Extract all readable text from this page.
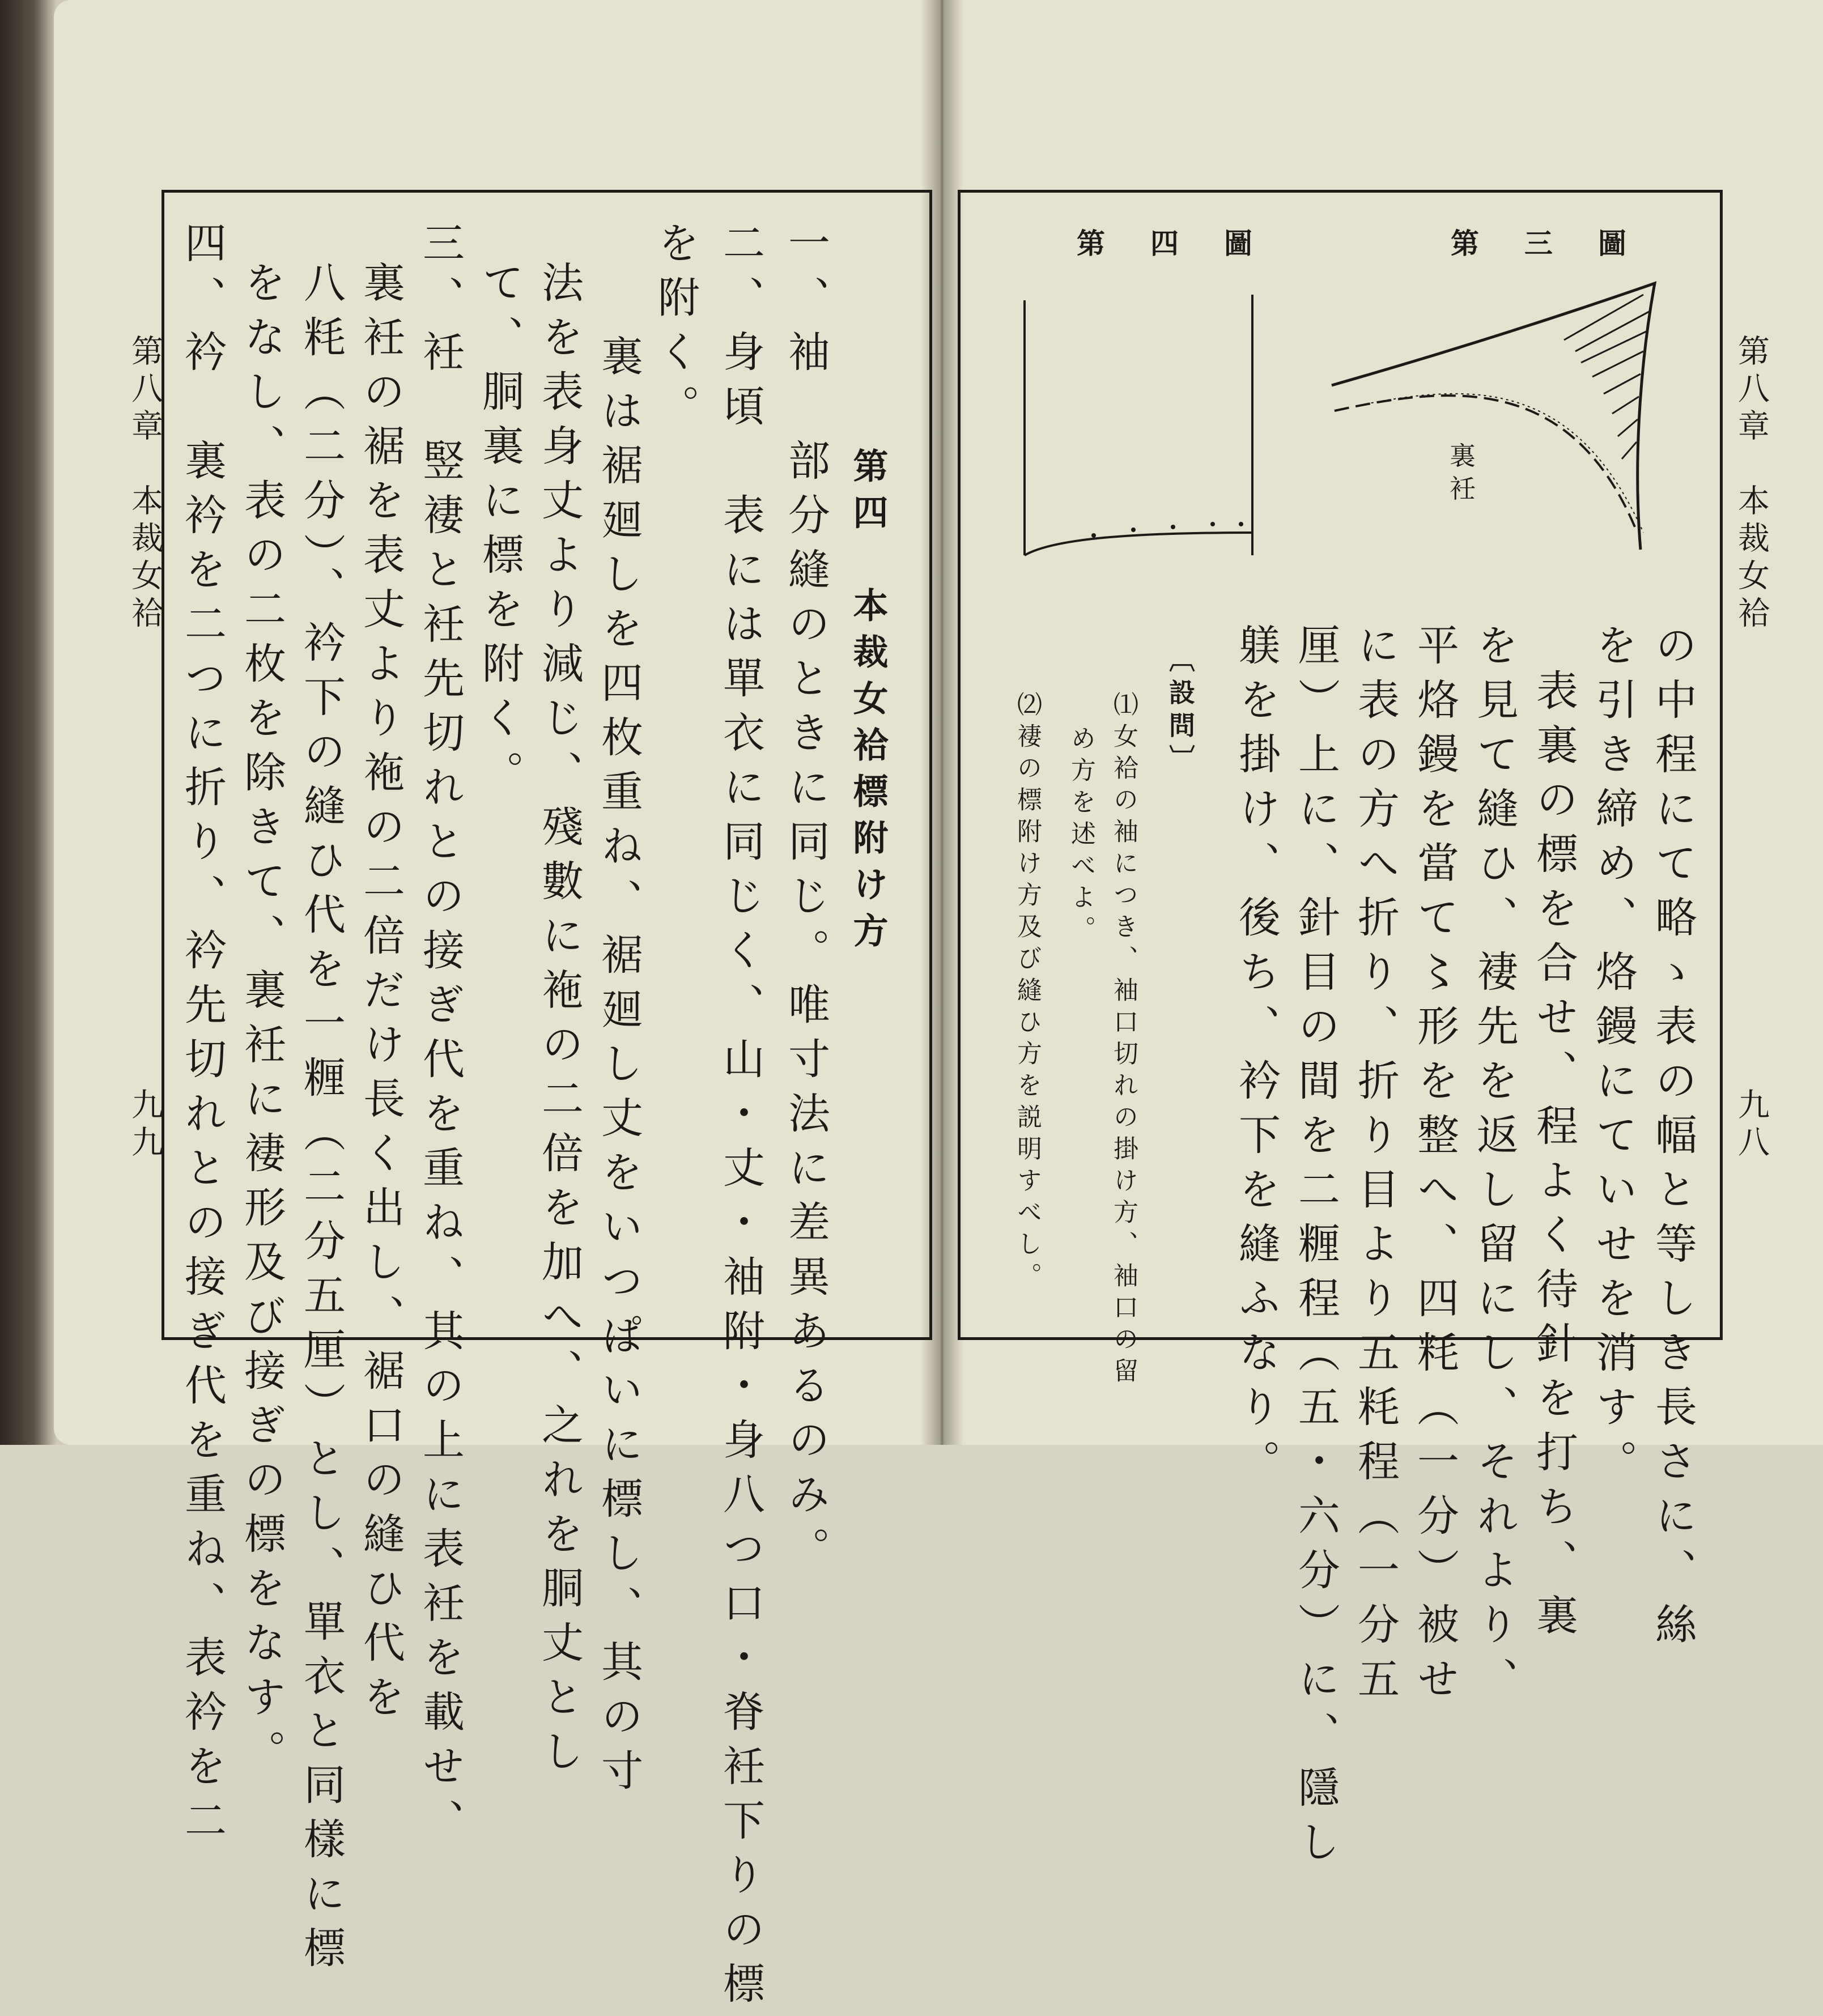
第八章　本裁女袷
九九
第四　本裁女袷標附け方
一、袖　部分縫のときに同じ。唯寸法に差異あるのみ。
二、身頃　表には單衣に同じく、山・丈・袖附・身八つ口・脊衽下りの標
を附く。
裏は裾廻しを四枚重ね、裾廻し丈をいつぱいに標し、其の寸
法を表身丈より減じ、殘數に袘の二倍を加へ、之れを胴丈とし
て、胴裏に標を附く。
三、衽　竪褄と衽先切れとの接ぎ代を重ね、其の上に表衽を載せ、
裏衽の裾を表丈より袘の二倍だけ長く出し、裾口の縫ひ代を
八粍（二分）、衿下の縫ひ代を一糎（二分五厘）とし、單衣と同樣に標
をなし、表の二枚を除きて、裏衽に褄形及び接ぎの標をなす。
四、衿　裏衿を二つに折り、衿先切れとの接ぎ代を重ね、表衿を二	第八章　本裁女袷
九八
第三圖
第四圖
裏衽
の中程にて略ゝ表の幅と等しき長さに、絲
を引き締め、烙鏝にていせを消す。
表裏の標を合せ、程よく待針を打ち、裏
を見て縫ひ、褄先を返し留にし、それより、
平烙鏝を當て〻形を整へ、四粍（一分）被せ
に表の方へ折り、折り目より五粍程（一分五
厘）上に、針目の間を二糎程（五・六分）に、隱し
躾を掛け、後ち、衿下を縫ふなり。
〔設問〕
⑴女袷の袖につき、袖口切れの掛け方、袖口の留
め方を述べよ。
⑵褄の標附け方及び縫ひ方を説明すべし。
